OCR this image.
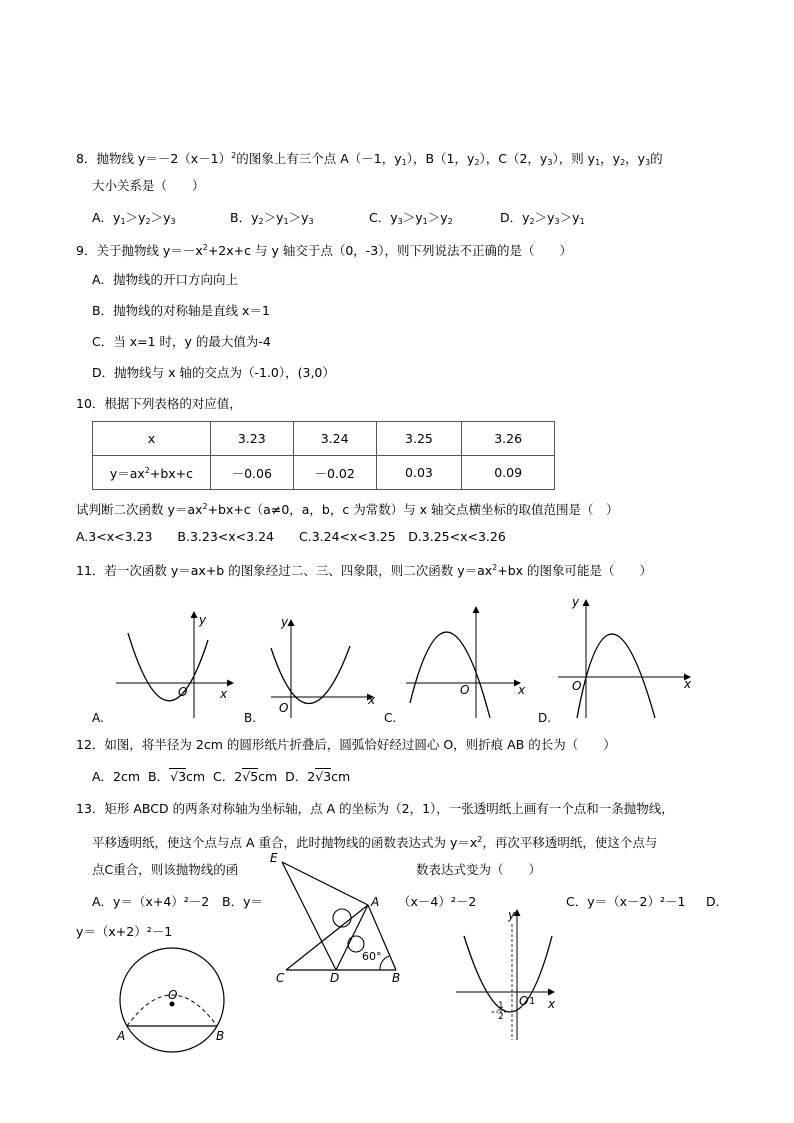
8．抛物线 $y=-2(x-1)^2$的图象上有三个点 A（－1，$y_1$），B（1，$y_2$），C（2，$y_3$），则 $y_1$，$y_2$，$y_3$的
大小关系是（　　）
A．$y_1>y_2>y_3$	B．$y_2>y_1>y_3$	C．$y_3>y_1>y_2$	D．$y_2>y_3>y_1$
9．关于抛物线 $y=-x^2+2x+c$ 与 y 轴交于点（0，-3），则下列说法不正确的是（　　）
A．抛物线的开口方向向上
B．抛物线的对称轴是直线 x＝1
C．当 x=1 时，y 的最大值为-4
D．抛物线与 x 轴的交点为（-1.0），(3,0）
10．根据下列表格的对应值，
x	3.23	3.24	3.25	3.26
$y=ax^2+bx+c$	－0.06	－0.02	0.03	0.09
试判断二次函数 $y=ax^2+bx+c(a\ne 0$，a，b，c 为常数）与 x 轴交点横坐标的取值范围是（　）
A.3<x<3.23　　B.3.23<x<3.24　　C.3.24<x<3.25　D.3.25<x<3.26
11．若一次函数 y＝ax+b 的图象经过二、三、四象限，则二次函数 $y=ax^2+bx$ 的图象可能是（　　）
y
O	x
A.
y
O
x
B.
O	x
C.
y
O	x
D.
12．如图，将半径为 2cm 的圆形纸片折叠后，圆弧恰好经过圆心 O，则折痕 AB 的长为（　　）
A．2cm B．√3cm C．2√5cm D．2√3cm
13．矩形 ABCD 的两条对称轴为坐标轴，点 A 的坐标为（2，1），一张透明纸上画有一个点和一条抛物线，
平移透明纸，使这个点与点 A 重合，此时抛物线的函数表达式为 $y=x^2$，再次平移透明纸，使这个点与
点C重合，则该抛物线的函	数表达式变为（　　）
A．y＝（x+4）²－2 B．y＝	（x－4）²－2	C．y＝（x－2）²－1 D．
y＝（x+2）²－1
O
A	B
E
A
C	D	B
60°
y
x
O 1
-
1
2
